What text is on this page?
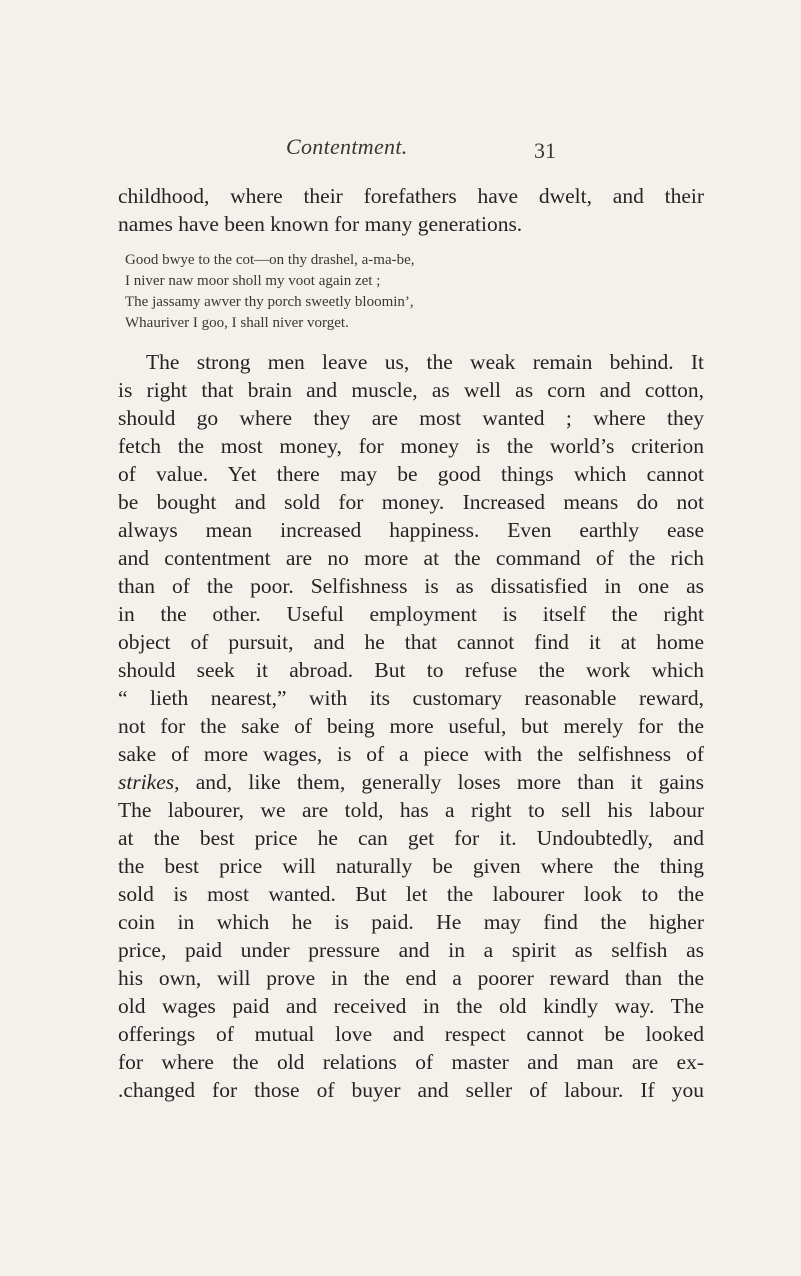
Contentment.	31
childhood, where their forefathers have dwelt, and their
names have been known for many generations.
Good bwye to the cot—on thy drashel, a-ma-be,
I niver naw moor sholl my voot again zet ;
The jassamy awver thy porch sweetly bloomin’,
Whauriver I goo, I shall niver vorget.
The strong men leave us, the weak remain behind. It
is right that brain and muscle, as well as corn and cotton,
should go where they are most wanted ; where they
fetch the most money, for money is the world’s criterion
of value. Yet there may be good things which cannot
be bought and sold for money. Increased means do not
always mean increased happiness. Even earthly ease
and contentment are no more at the command of the rich
than of the poor. Selfishness is as dissatisfied in one as
in the other. Useful employment is itself the right
object of pursuit, and he that cannot find it at home
should seek it abroad. But to refuse the work which
“ lieth nearest,” with its customary reasonable reward,
not for the sake of being more useful, but merely for the
sake of more wages, is of a piece with the selfishness of
strikes, and, like them, generally loses more than it gains
The labourer, we are told, has a right to sell his labour
at the best price he can get for it. Undoubtedly, and
the best price will naturally be given where the thing
sold is most wanted. But let the labourer look to the
coin in which he is paid. He may find the higher
price, paid under pressure and in a spirit as selfish as
his own, will prove in the end a poorer reward than the
old wages paid and received in the old kindly way. The
offerings of mutual love and respect cannot be looked
for where the old relations of master and man are ex-
.changed for those of buyer and seller of labour. If you
